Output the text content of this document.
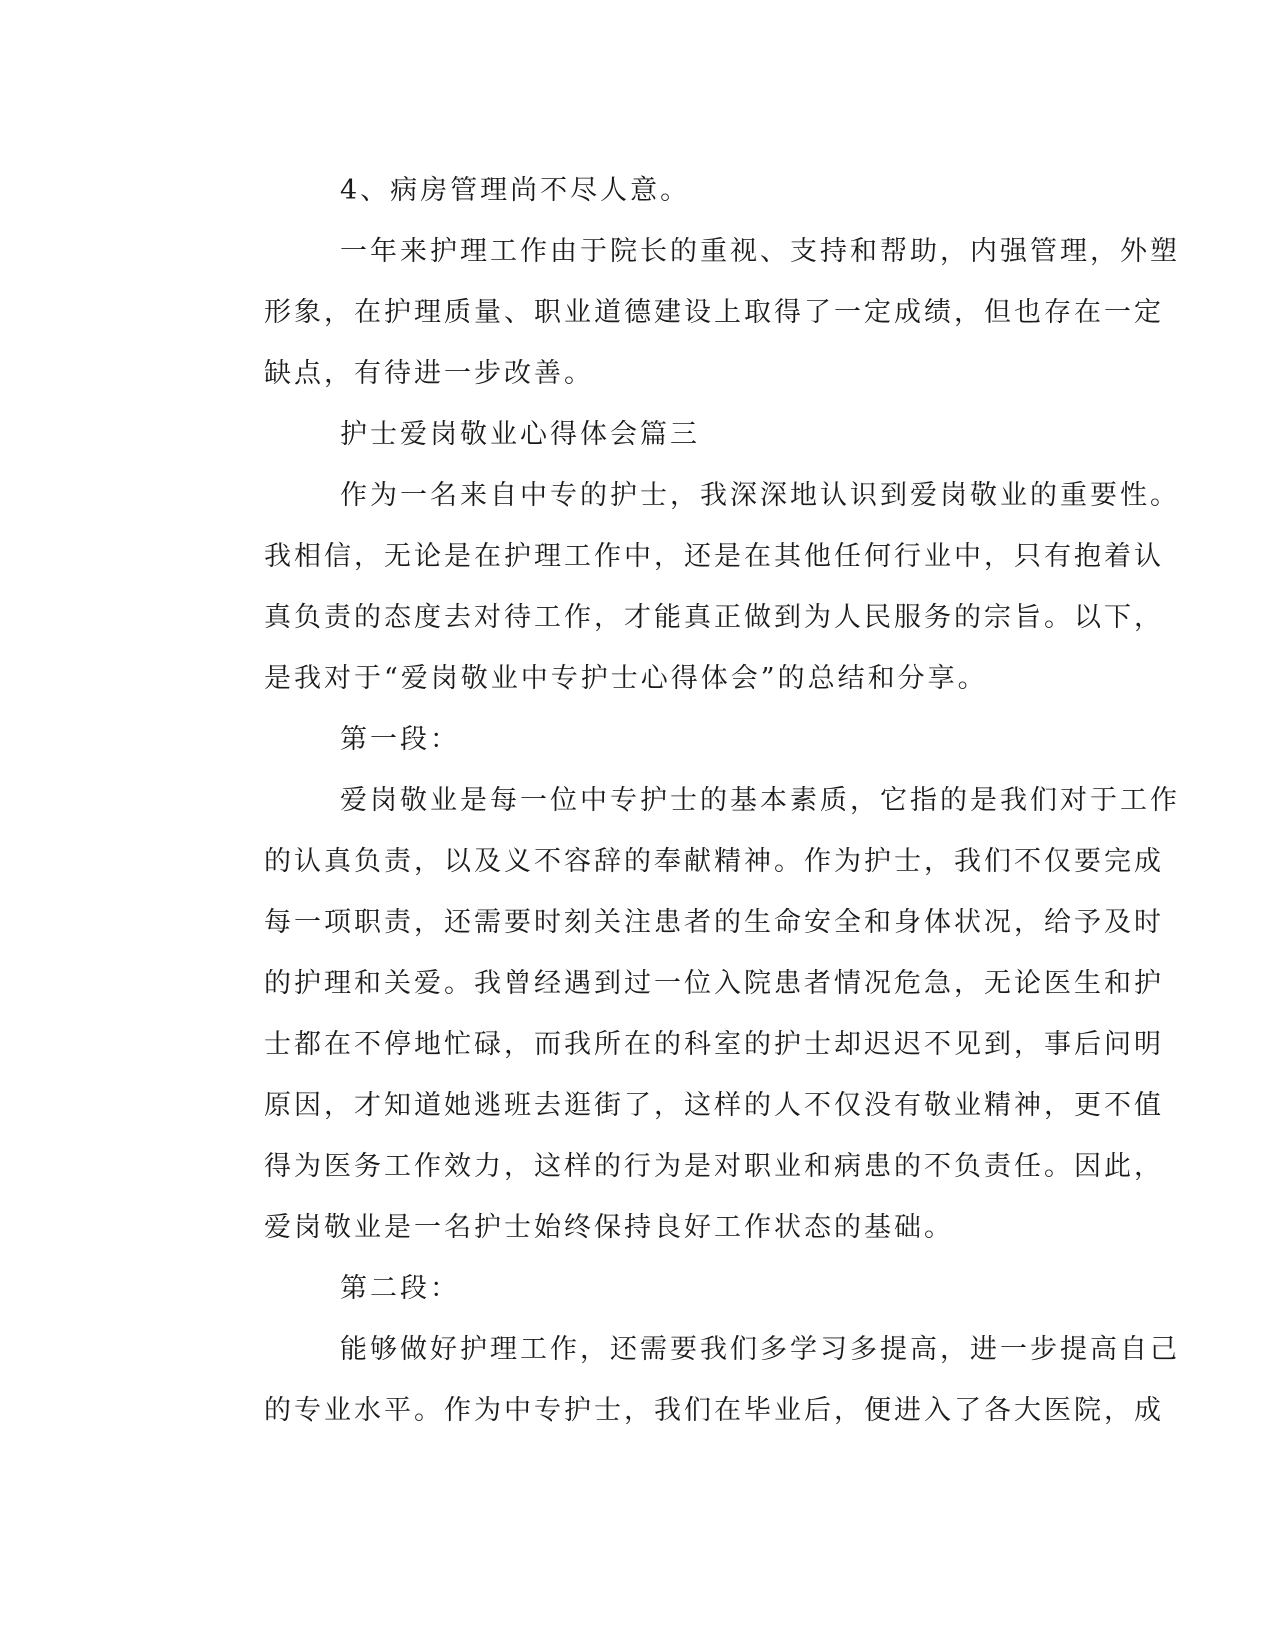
4、病房管理尚不尽人意。
一年来护理工作由于院长的重视、支持和帮助，内强管理，外塑
形象，在护理质量、职业道德建设上取得了一定成绩，但也存在一定
缺点，有待进一步改善。
护士爱岗敬业心得体会篇三
作为一名来自中专的护士，我深深地认识到爱岗敬业的重要性。
我相信，无论是在护理工作中，还是在其他任何行业中，只有抱着认
真负责的态度去对待工作，才能真正做到为人民服务的宗旨。以下，
是我对于“爱岗敬业中专护士心得体会”的总结和分享。
第一段：
爱岗敬业是每一位中专护士的基本素质，它指的是我们对于工作
的认真负责，以及义不容辞的奉献精神。作为护士，我们不仅要完成
每一项职责，还需要时刻关注患者的生命安全和身体状况，给予及时
的护理和关爱。我曾经遇到过一位入院患者情况危急，无论医生和护
士都在不停地忙碌，而我所在的科室的护士却迟迟不见到，事后问明
原因，才知道她逃班去逛街了，这样的人不仅没有敬业精神，更不值
得为医务工作效力，这样的行为是对职业和病患的不负责任。因此，
爱岗敬业是一名护士始终保持良好工作状态的基础。
第二段：
能够做好护理工作，还需要我们多学习多提高，进一步提高自己
的专业水平。作为中专护士，我们在毕业后，便进入了各大医院，成
